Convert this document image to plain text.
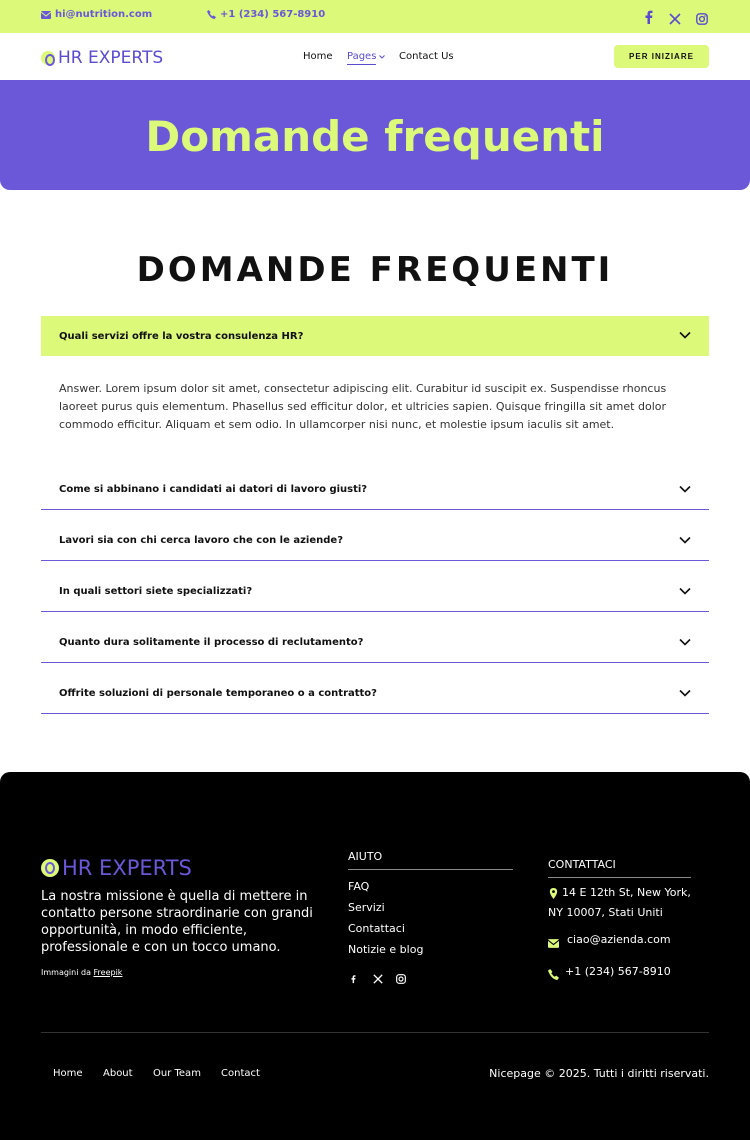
hi@nutrition.com	+1 (234) 567-8910
HR EXPERTS	Home Pages Contact Us	PER INIZIARE
Domande frequenti
DOMANDE FREQUENTI
Quali servizi offre la vostra consulenza HR?

Answer. Lorem ipsum dolor sit amet, consectetur adipiscing elit. Curabitur id suscipit ex. Suspendisse rhoncus laoreet purus quis elementum. Phasellus sed efficitur dolor, et ultricies sapien. Quisque fringilla sit amet dolor commodo efficitur. Aliquam et sem odio. In ullamcorper nisi nunc, et molestie ipsum iaculis sit amet.

Come si abbinano i candidati ai datori di lavoro giusti?
Lavori sia con chi cerca lavoro che con le aziende?
In quali settori siete specializzati?
Quanto dura solitamente il processo di reclutamento?
Offrite soluzioni di personale temporaneo o a contratto?
HR EXPERTS

La nostra missione è quella di mettere in contatto persone straordinarie con grandi opportunità, in modo efficiente, professionale e con un tocco umano.

Immagini da Freepik
AIUTO
FAQ
Servizi
Contattaci
Notizie e blog
CONTATTACI
14 E 12th St, New York,
NY 10007, Stati Uniti
ciao@azienda.com
+1 (234) 567-8910
Home About Our Team Contact	Nicepage © 2025. Tutti i diritti riservati.
